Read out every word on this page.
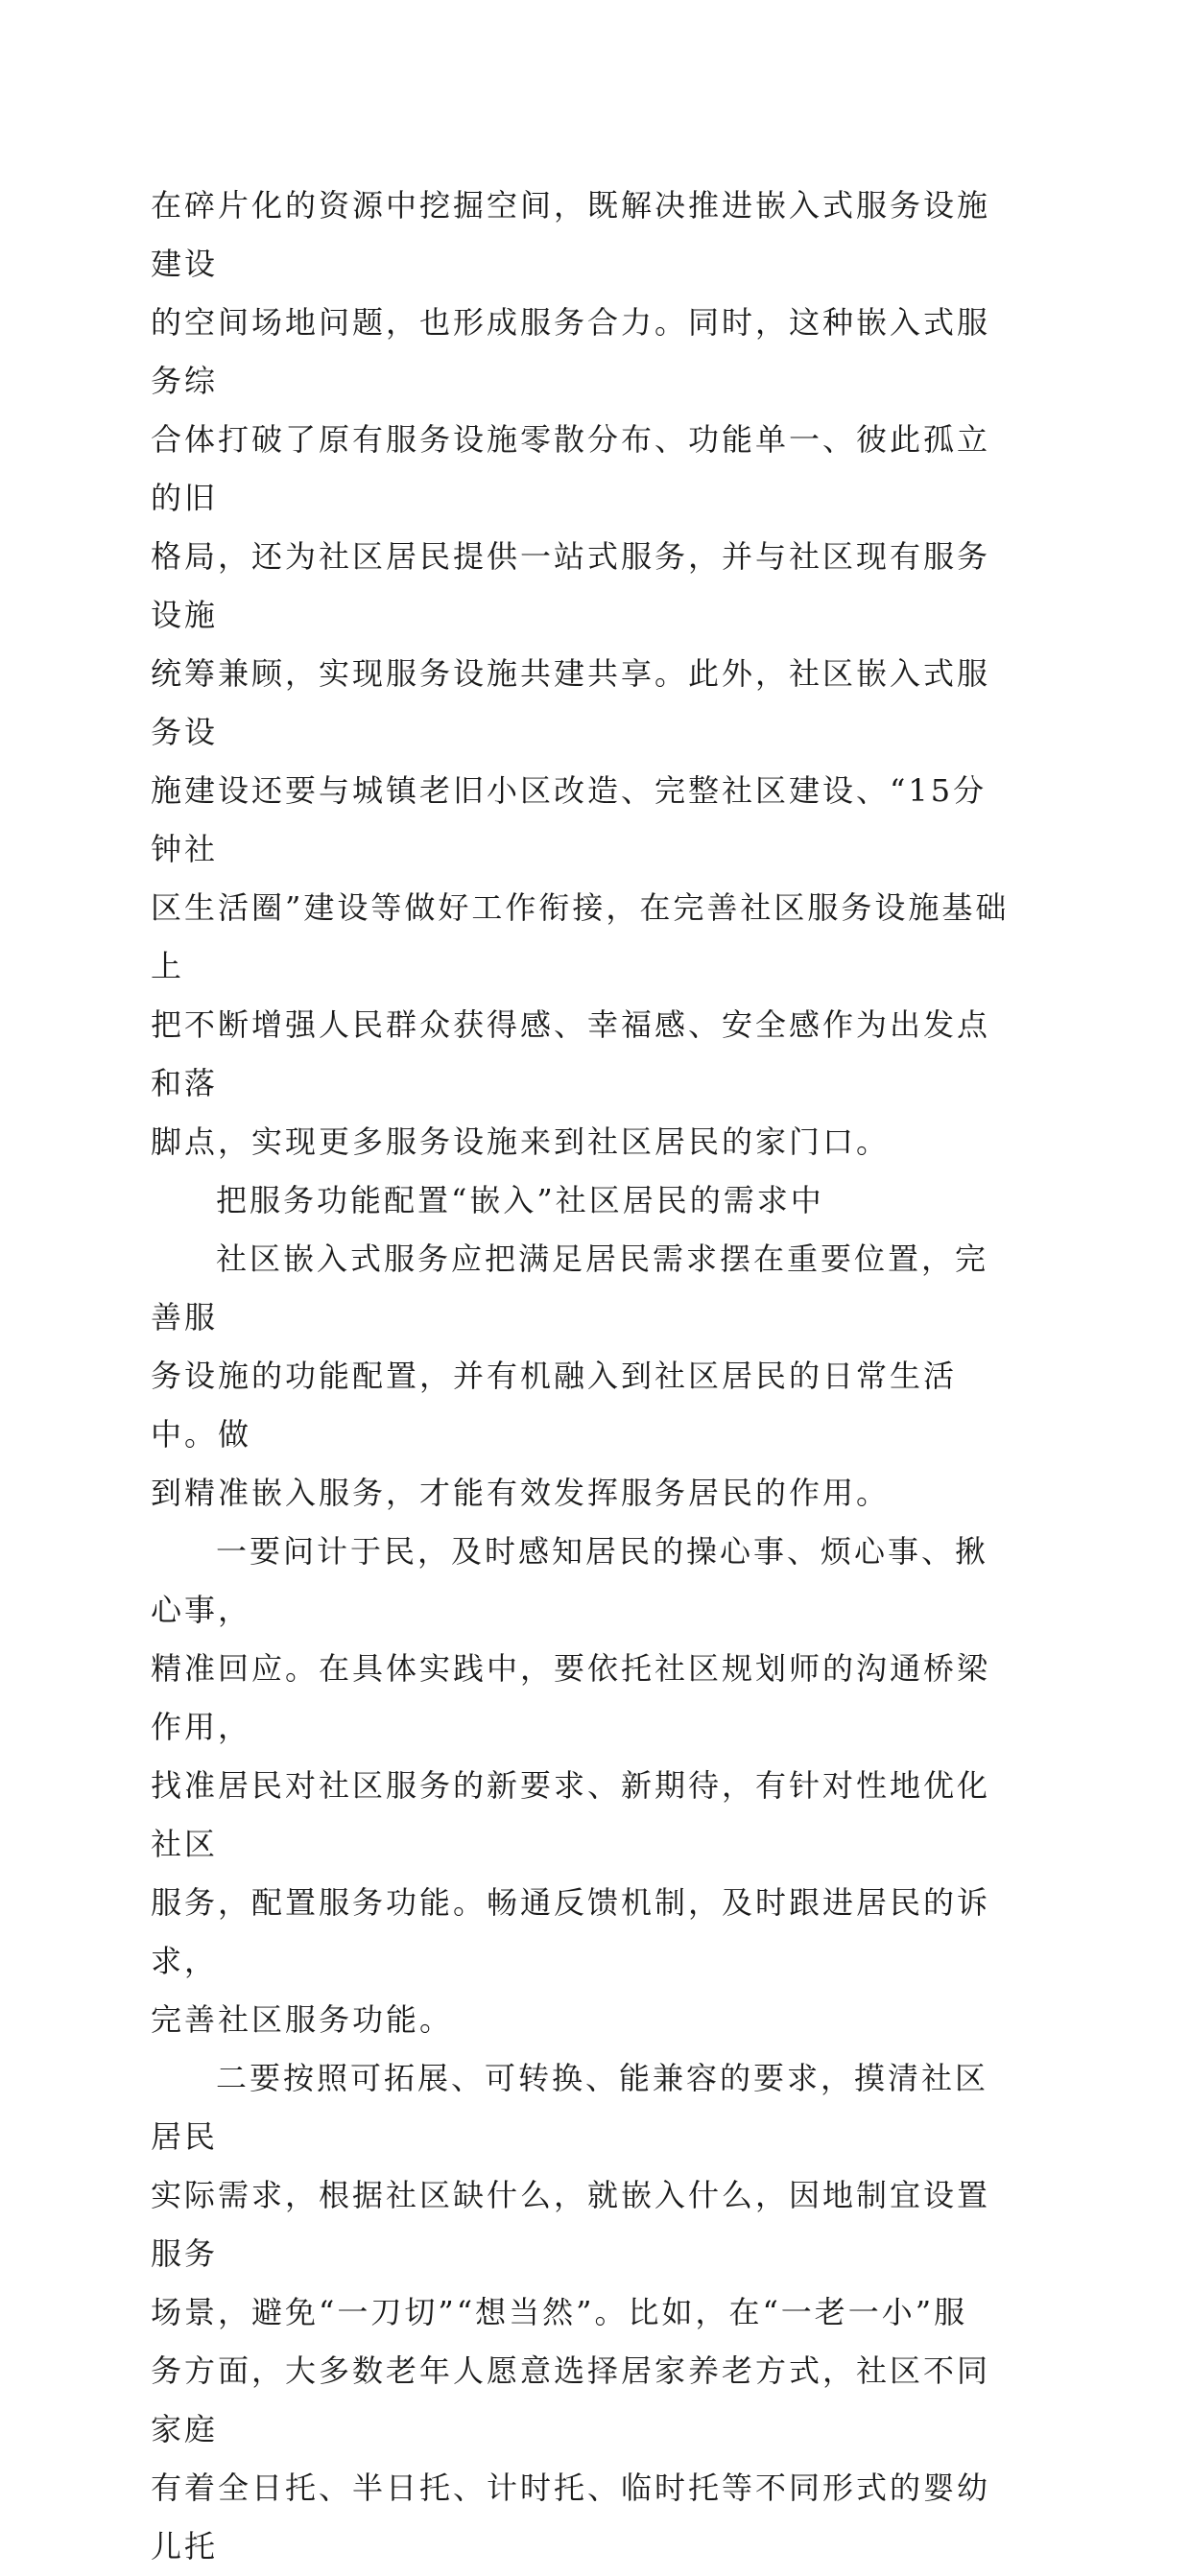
在碎片化的资源中挖掘空间，既解决推进嵌入式服务设施建设
的空间场地问题，也形成服务合力。同时，这种嵌入式服务综
合体打破了原有服务设施零散分布、功能单一、彼此孤立的旧
格局，还为社区居民提供一站式服务，并与社区现有服务设施
统筹兼顾，实现服务设施共建共享。此外，社区嵌入式服务设
施建设还要与城镇老旧小区改造、完整社区建设、“15分钟社
区生活圈”建设等做好工作衔接，在完善社区服务设施基础上
把不断增强人民群众获得感、幸福感、安全感作为出发点和落
脚点，实现更多服务设施来到社区居民的家门口。

把服务功能配置“嵌入”社区居民的需求中

社区嵌入式服务应把满足居民需求摆在重要位置，完善服
务设施的功能配置，并有机融入到社区居民的日常生活中。做
到精准嵌入服务，才能有效发挥服务居民的作用。

一要问计于民，及时感知居民的操心事、烦心事、揪心事，
精准回应。在具体实践中，要依托社区规划师的沟通桥梁作用，
找准居民对社区服务的新要求、新期待，有针对性地优化社区
服务，配置服务功能。畅通反馈机制，及时跟进居民的诉求，
完善社区服务功能。

二要按照可拓展、可转换、能兼容的要求，摸清社区居民
实际需求，根据社区缺什么，就嵌入什么，因地制宜设置服务
场景，避免“一刀切”“想当然”。比如，在“一老一小”服
务方面，大多数老年人愿意选择居家养老方式，社区不同家庭
有着全日托、半日托、计时托、临时托等不同形式的婴幼儿托
